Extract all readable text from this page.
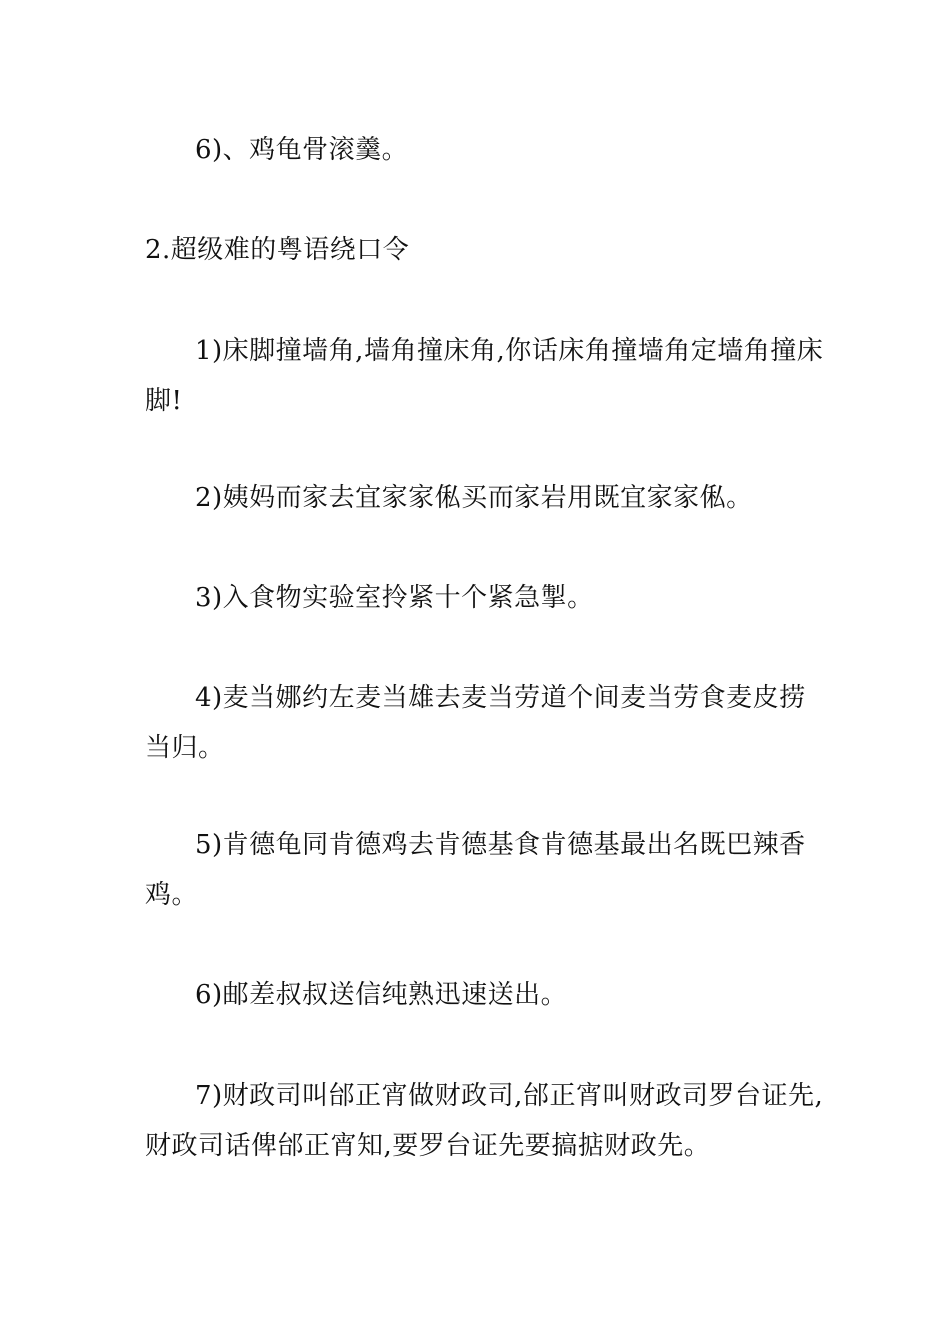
6)、鸡龟骨滚羹。

2.超级难的粤语绕口令

1)床脚撞墙角,墙角撞床角,你话床角撞墙角定墙角撞床脚!

2)姨妈而家去宜家家俬买而家岩用既宜家家俬。

3)入食物实验室拎紧十个紧急掣。

4)麦当娜约左麦当雄去麦当劳道个间麦当劳食麦皮捞当归。

5)肯德龟同肯德鸡去肯德基食肯德基最出名既巴辣香鸡。

6)邮差叔叔送信纯熟迅速送出。

7)财政司叫邰正宵做财政司,邰正宵叫财政司罗台证先,财政司话俾邰正宵知,要罗台证先要搞掂财政先。
